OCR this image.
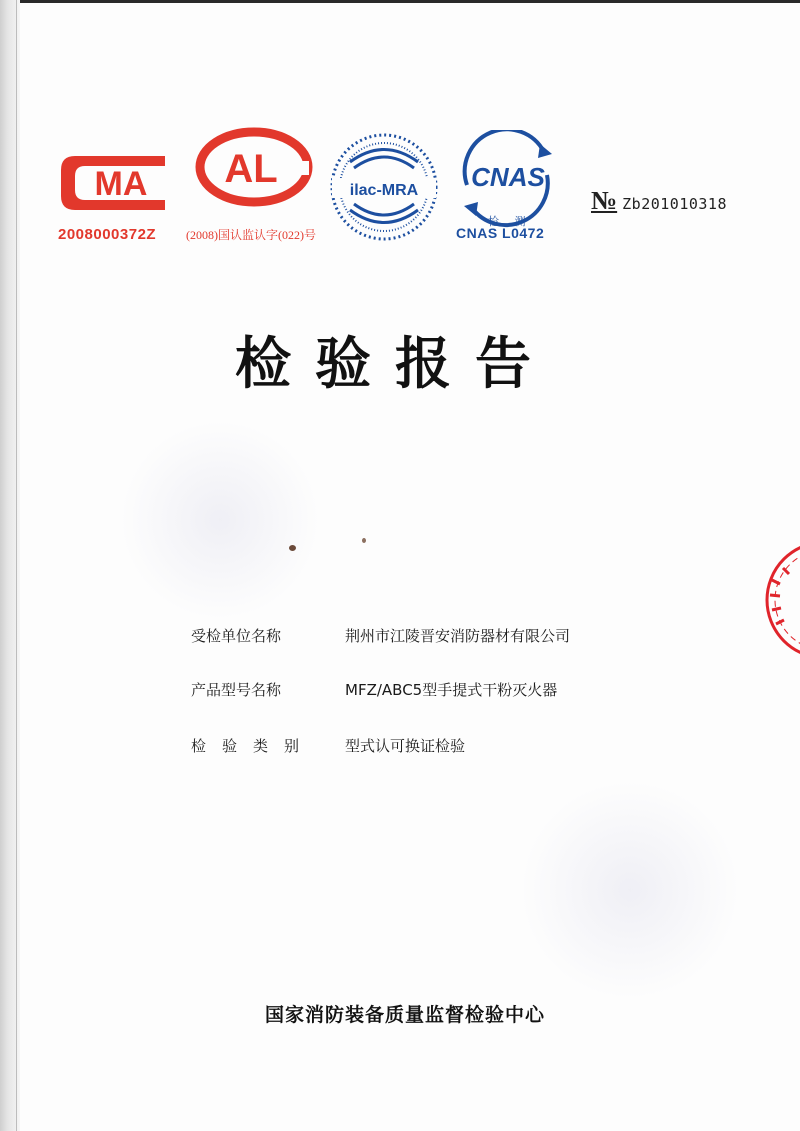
MA AL	ilac-MRA CNAS
2008000372Z (2008)国认监认字(022)号
检 测
CNAS L0472
№ Zb201010318
检验报告
受检单位名称	荆州市江陵晋安消防器材有限公司
产品型号名称	MFZ/ABC5型手提式干粉灭火器
检验类别 型式认可换证检验
国家消防装备质量监督检验中心
